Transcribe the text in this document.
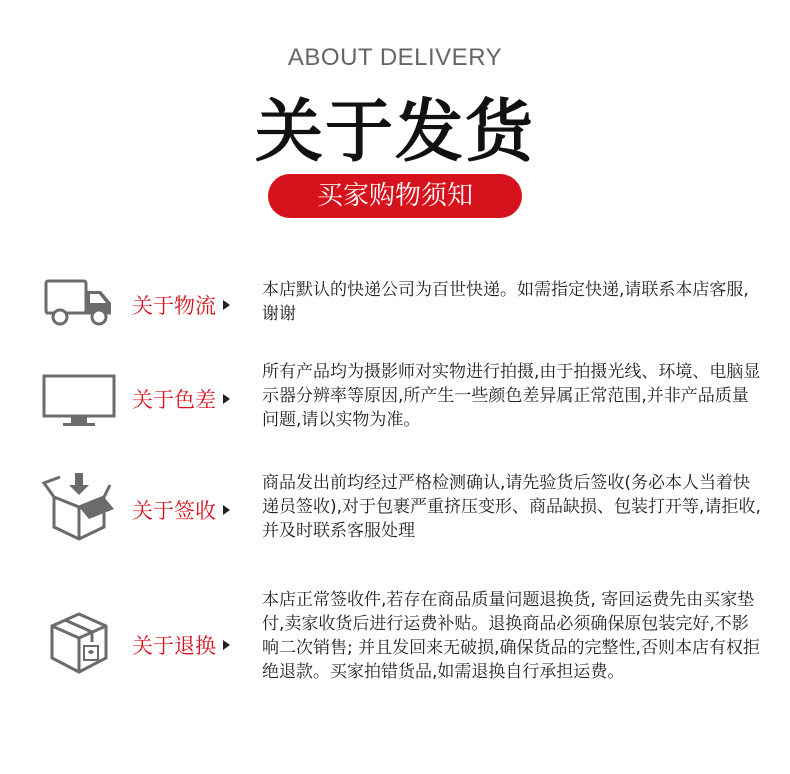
ABOUT DELIVERY
关于发货
买家购物须知
关于物流
本店默认的快递公司为百世快递。如需指定快递,请联系本店客服,谢谢
关于色差
所有产品均为摄影师对实物进行拍摄,由于拍摄光线、环境、电脑显示器分辨率等原因,所产生一些颜色差异属正常范围,并非产品质量问题,请以实物为准。
关于签收
商品发出前均经过严格检测确认,请先验货后签收(务必本人当着快递员签收),对于包裹严重挤压变形、商品缺损、包装打开等,请拒收,并及时联系客服处理
关于退换
本店正常签收件,若存在商品质量问题退换货, 寄回运费先由买家垫付,卖家收货后进行运费补贴。退换商品必须确保原包装完好,不影响二次销售; 并且发回来无破损,确保货品的完整性,否则本店有权拒绝退款。买家拍错货品,如需退换自行承担运费。
